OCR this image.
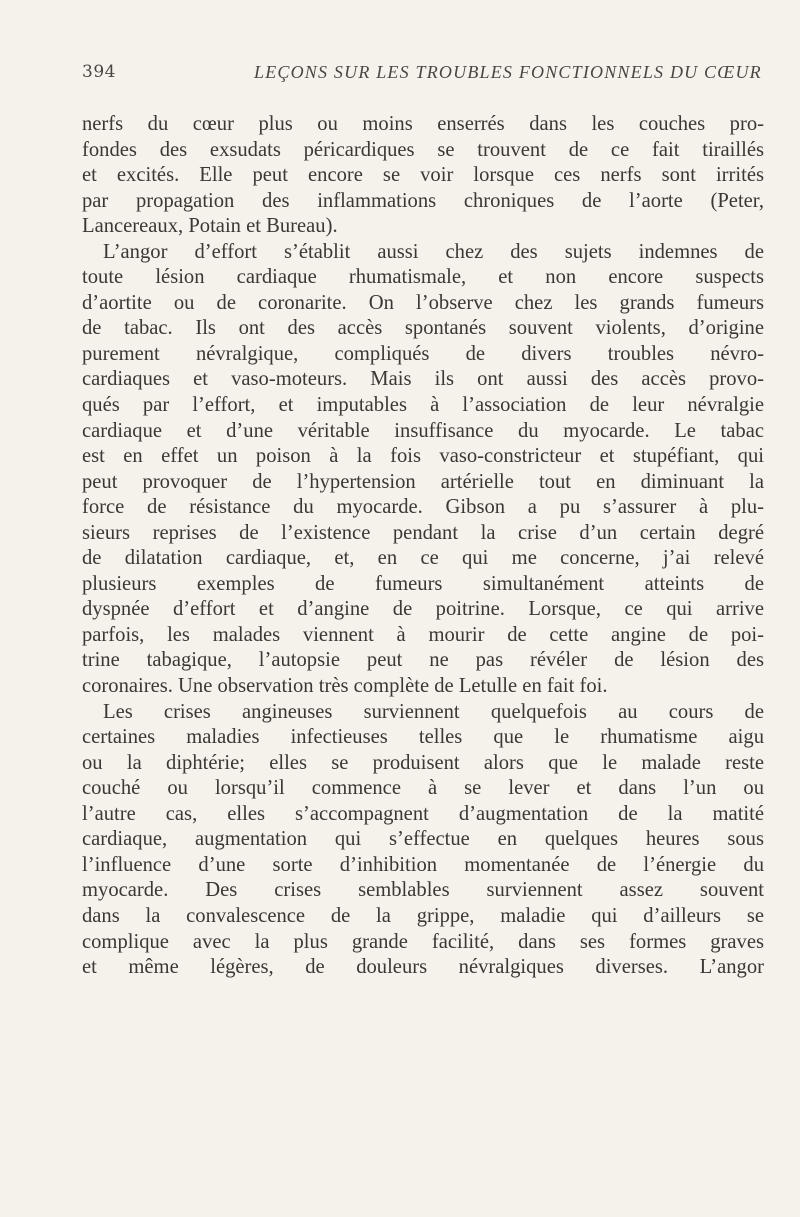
394	LEÇONS SUR LES TROUBLES FONCTIONNELS DU CŒUR
nerfs du cœur plus ou moins enserrés dans les couches pro-
fondes des exsudats péricardiques se trouvent de ce fait tiraillés
et excités. Elle peut encore se voir lorsque ces nerfs sont irrités
par propagation des inflammations chroniques de l’aorte (Peter,
Lancereaux, Potain et Bureau).
L’angor d’effort s’établit aussi chez des sujets indemnes de
toute lésion cardiaque rhumatismale, et non encore suspects
d’aortite ou de coronarite. On l’observe chez les grands fumeurs
de tabac. Ils ont des accès spontanés souvent violents, d’origine
purement névralgique, compliqués de divers troubles névro-
cardiaques et vaso-moteurs. Mais ils ont aussi des accès provo-
qués par l’effort, et imputables à l’association de leur névralgie
cardiaque et d’une véritable insuffisance du myocarde. Le tabac
est en effet un poison à la fois vaso-constricteur et stupéfiant, qui
peut provoquer de l’hypertension artérielle tout en diminuant la
force de résistance du myocarde. Gibson a pu s’assurer à plu-
sieurs reprises de l’existence pendant la crise d’un certain degré
de dilatation cardiaque, et, en ce qui me concerne, j’ai relevé
plusieurs exemples de fumeurs simultanément atteints de
dyspnée d’effort et d’angine de poitrine. Lorsque, ce qui arrive
parfois, les malades viennent à mourir de cette angine de poi-
trine tabagique, l’autopsie peut ne pas révéler de lésion des
coronaires. Une observation très complète de Letulle en fait foi.
Les crises angineuses surviennent quelquefois au cours de
certaines maladies infectieuses telles que le rhumatisme aigu
ou la diphtérie; elles se produisent alors que le malade reste
couché ou lorsqu’il commence à se lever et dans l’un ou
l’autre cas, elles s’accompagnent d’augmentation de la matité
cardiaque, augmentation qui s’effectue en quelques heures sous
l’influence d’une sorte d’inhibition momentanée de l’énergie du
myocarde. Des crises semblables surviennent assez souvent
dans la convalescence de la grippe, maladie qui d’ailleurs se
complique avec la plus grande facilité, dans ses formes graves
et même légères, de douleurs névralgiques diverses. L’angor
